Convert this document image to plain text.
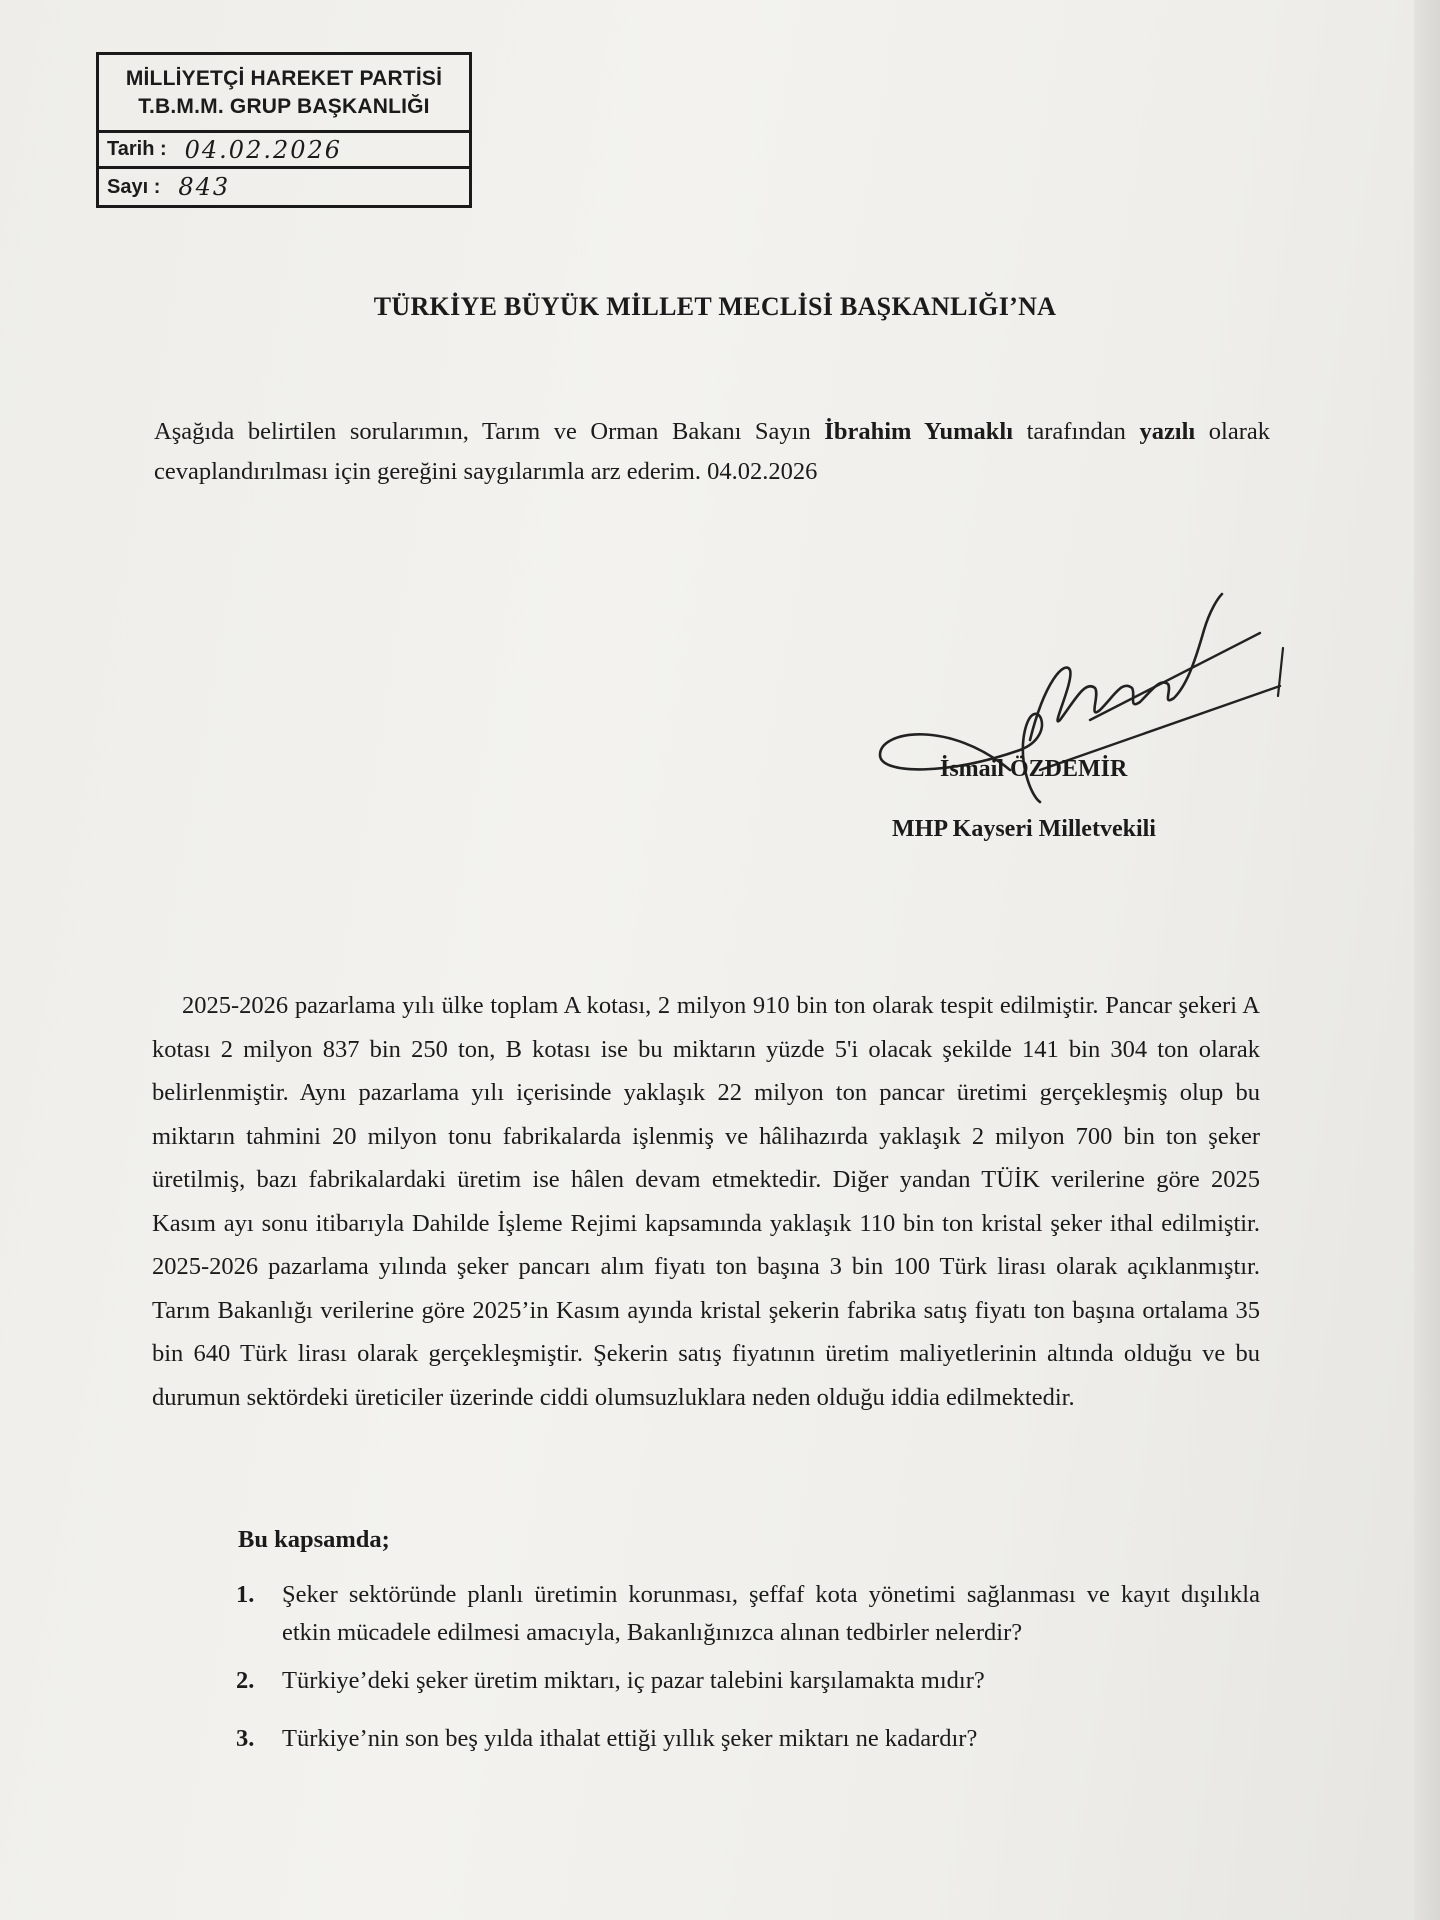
MİLLİYETÇİ HAREKET PARTİSİ
T.B.M.M. GRUP BAŞKANLIĞI
Tarih : 04.02.2026
Sayı : 843
TÜRKİYE BÜYÜK MİLLET MECLİSİ BAŞKANLIĞI’NA
Aşağıda belirtilen sorularımın, Tarım ve Orman Bakanı Sayın İbrahim Yumaklı tarafından yazılı olarak cevaplandırılması için gereğini saygılarımla arz ederim. 04.02.2026
İsmail ÖZDEMİR
MHP Kayseri Milletvekili
2025-2026 pazarlama yılı ülke toplam A kotası, 2 milyon 910 bin ton olarak tespit edilmiştir. Pancar şekeri A kotası 2 milyon 837 bin 250 ton, B kotası ise bu miktarın yüzde 5'i olacak şekilde 141 bin 304 ton olarak belirlenmiştir. Aynı pazarlama yılı içerisinde yaklaşık 22 milyon ton pancar üretimi gerçekleşmiş olup bu miktarın tahmini 20 milyon tonu fabrikalarda işlenmiş ve hâlihazırda yaklaşık 2 milyon 700 bin ton şeker üretilmiş, bazı fabrikalardaki üretim ise hâlen devam etmektedir. Diğer yandan TÜİK verilerine göre 2025 Kasım ayı sonu itibarıyla Dahilde İşleme Rejimi kapsamında yaklaşık 110 bin ton kristal şeker ithal edilmiştir. 2025-2026 pazarlama yılında şeker pancarı alım fiyatı ton başına 3 bin 100 Türk lirası olarak açıklanmıştır. Tarım Bakanlığı verilerine göre 2025’in Kasım ayında kristal şekerin fabrika satış fiyatı ton başına ortalama 35 bin 640 Türk lirası olarak gerçekleşmiştir. Şekerin satış fiyatının üretim maliyetlerinin altında olduğu ve bu durumun sektördeki üreticiler üzerinde ciddi olumsuzluklara neden olduğu iddia edilmektedir.
Bu kapsamda;
1.	Şeker sektöründe planlı üretimin korunması, şeffaf kota yönetimi sağlanması ve kayıt dışılıkla etkin mücadele edilmesi amacıyla, Bakanlığınızca alınan tedbirler nelerdir?
2.	Türkiye’deki şeker üretim miktarı, iç pazar talebini karşılamakta mıdır?
3.	Türkiye’nin son beş yılda ithalat ettiği yıllık şeker miktarı ne kadardır?
